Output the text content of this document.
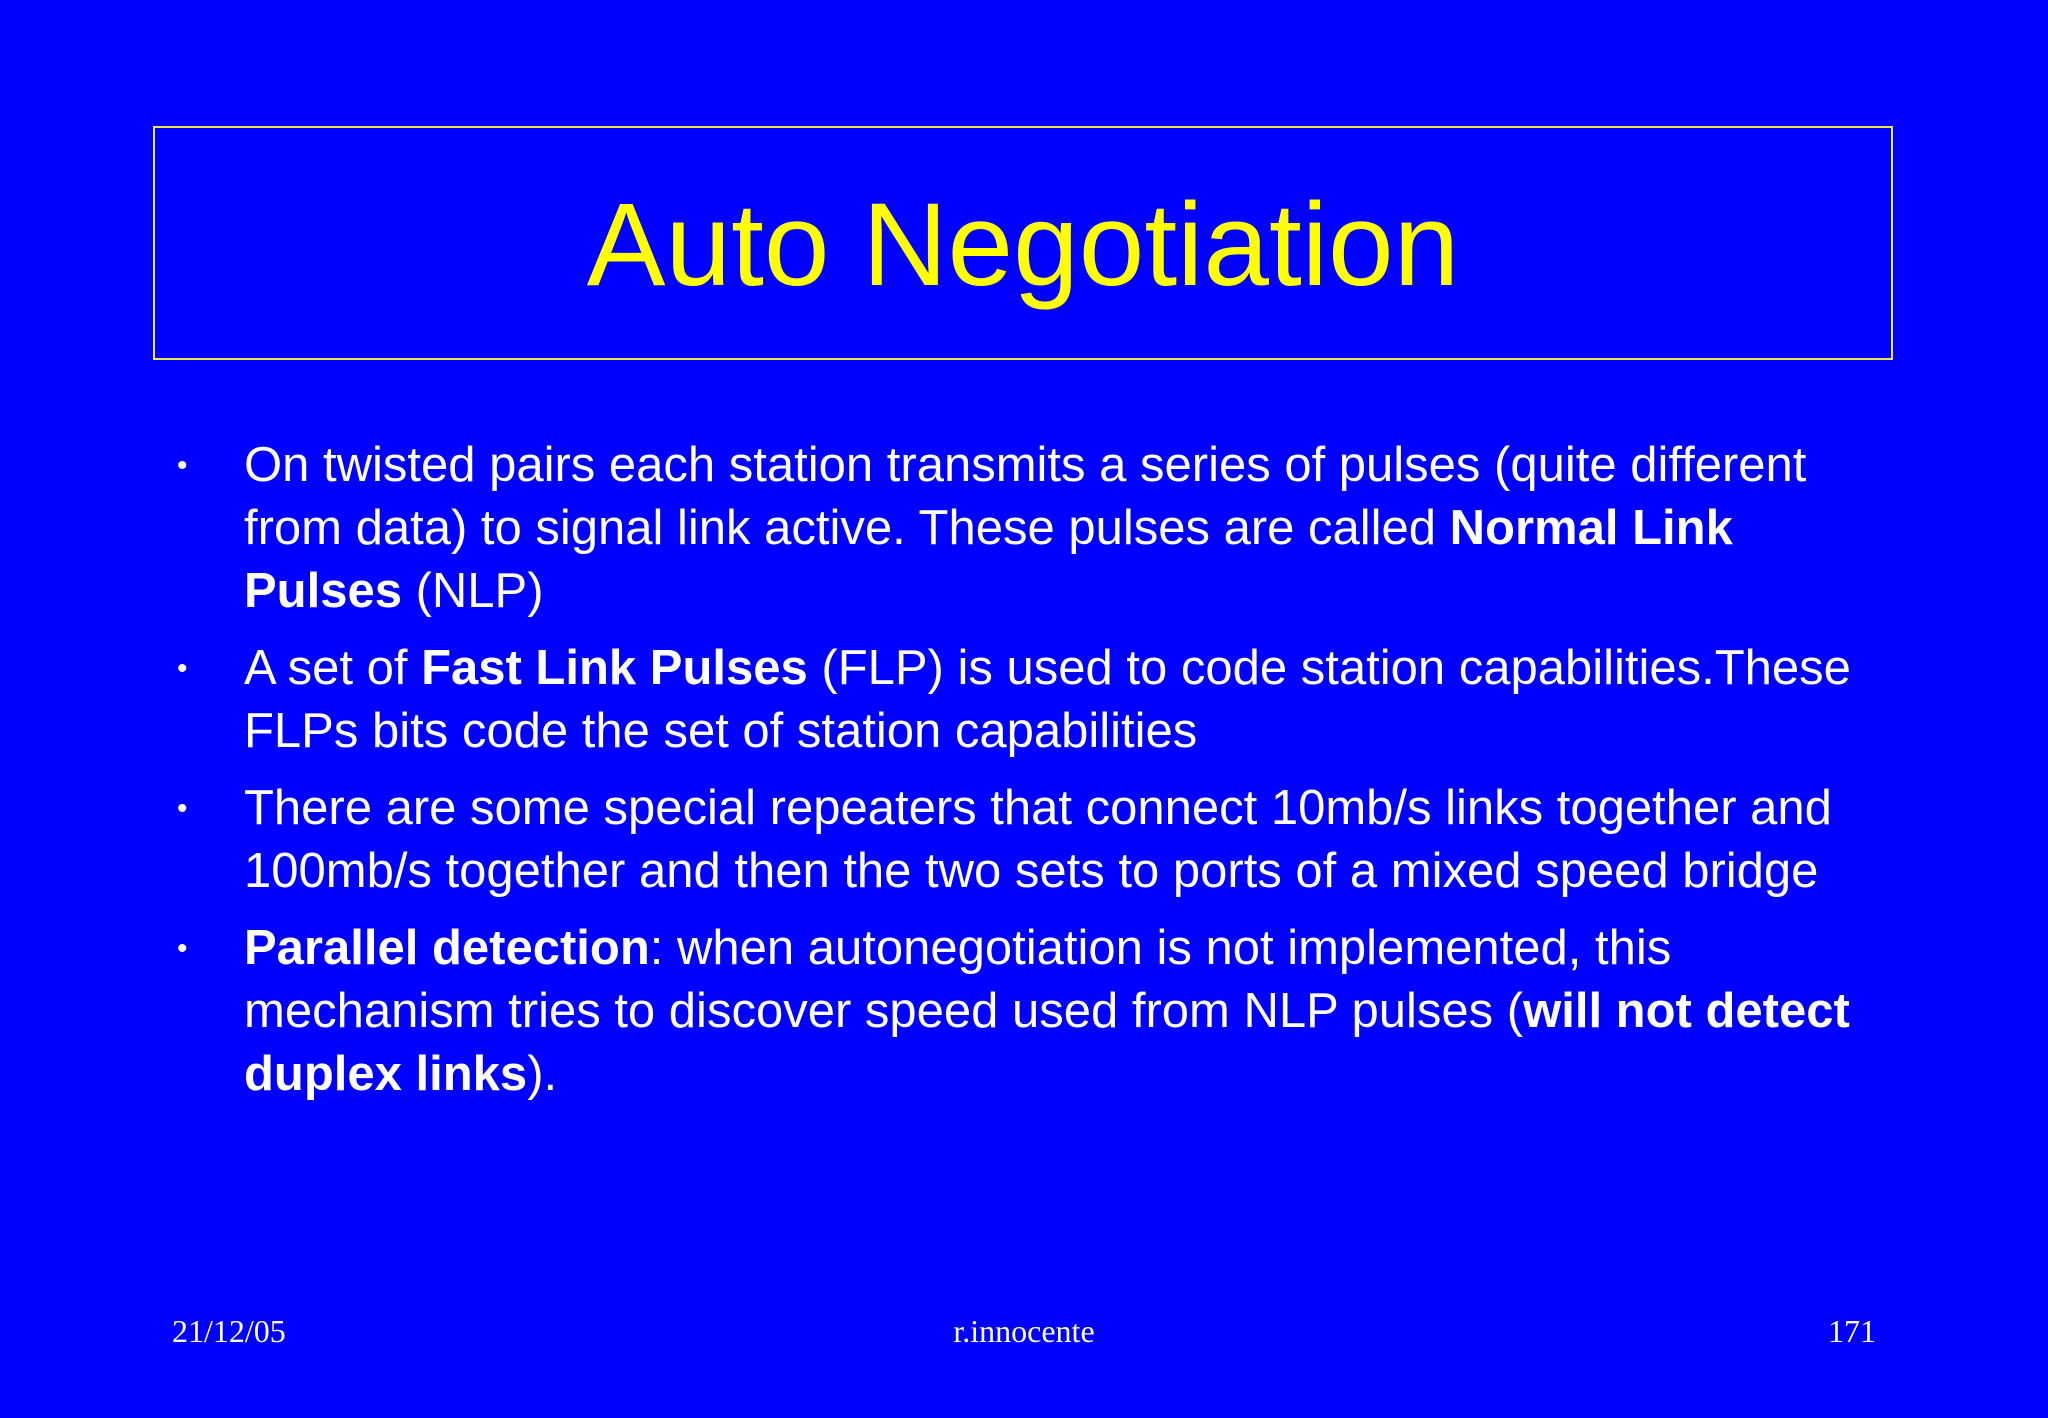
Auto Negotiation
• On twisted pairs each station transmits a series of pulses (quite different from data) to signal link active. These pulses are called Normal Link Pulses (NLP)
• A set of Fast Link Pulses (FLP) is used to code station capabilities.These FLPs bits code the set of station capabilities
• There are some special repeaters that connect 10mb/s links together and 100mb/s together and then the two sets to ports of a mixed speed bridge
• Parallel detection: when autonegotiation is not implemented, this mechanism tries to discover speed used from NLP pulses (will not detect duplex links).
21/12/05	r.innocente	171
